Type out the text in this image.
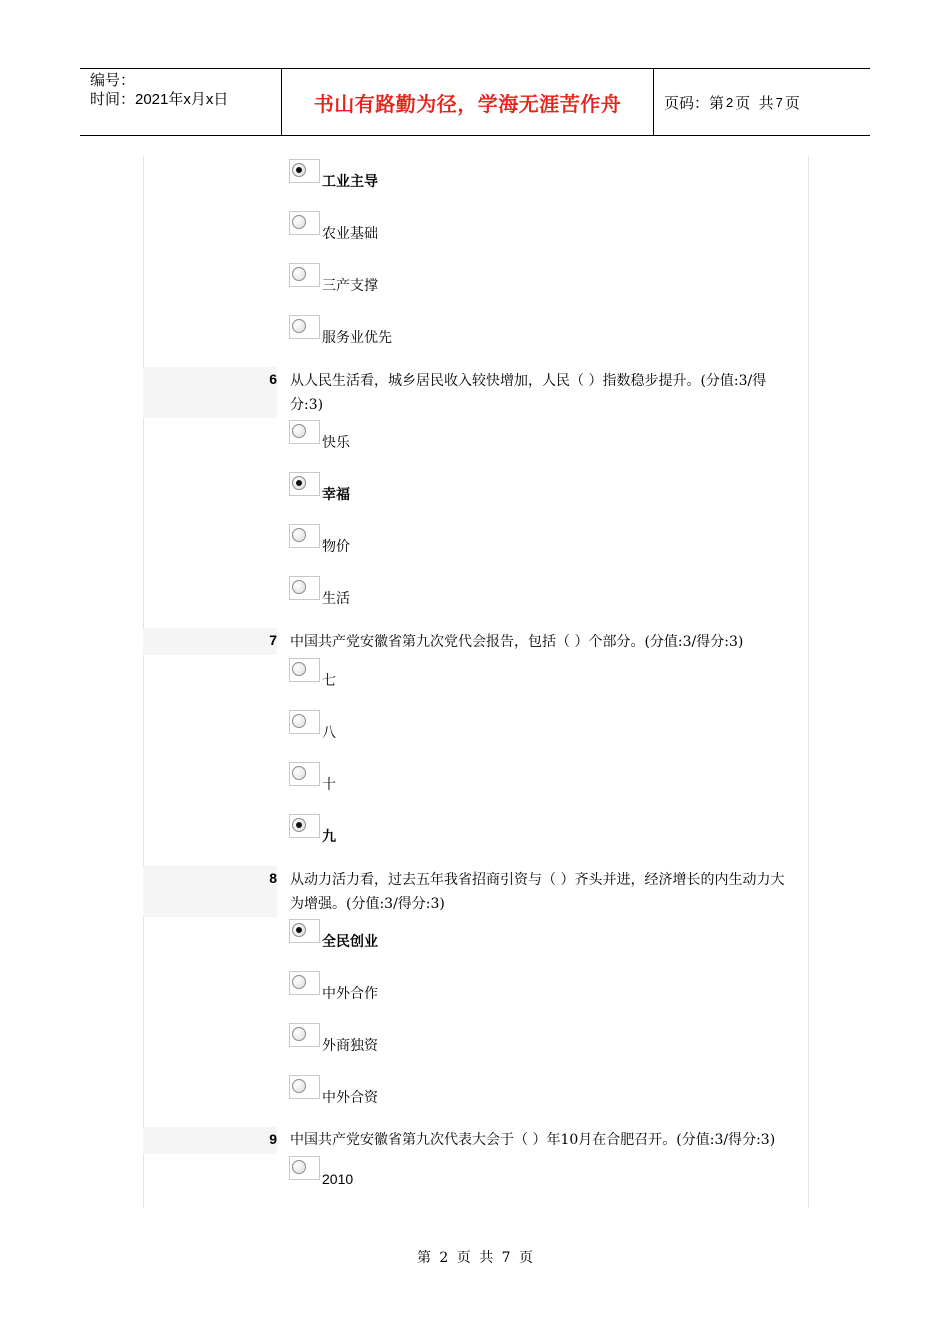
编号：
时间：2021年x月x日	书山有路勤为径，学海无涯苦作舟	页码：第 2 页  共 7 页
工业主导
农业基础
三产支撑
服务业优先
6 从人民生活看，城乡居民收入较快增加，人民（ ）指数稳步提升。(分值:3/得
分:3)
快乐
幸福
物价
生活
7 中国共产党安徽省第九次党代会报告，包括（ ）个部分。(分值:3/得分:3)
七
八
十
九
8 从动力活力看，过去五年我省招商引资与（ ）齐头并进，经济增长的内生动力大
为增强。(分值:3/得分:3)
全民创业
中外合作
外商独资
中外合资
9 中国共产党安徽省第九次代表大会于（ ）年10月在合肥召开。(分值:3/得分:3)
2010
第 2 页 共 7 页
